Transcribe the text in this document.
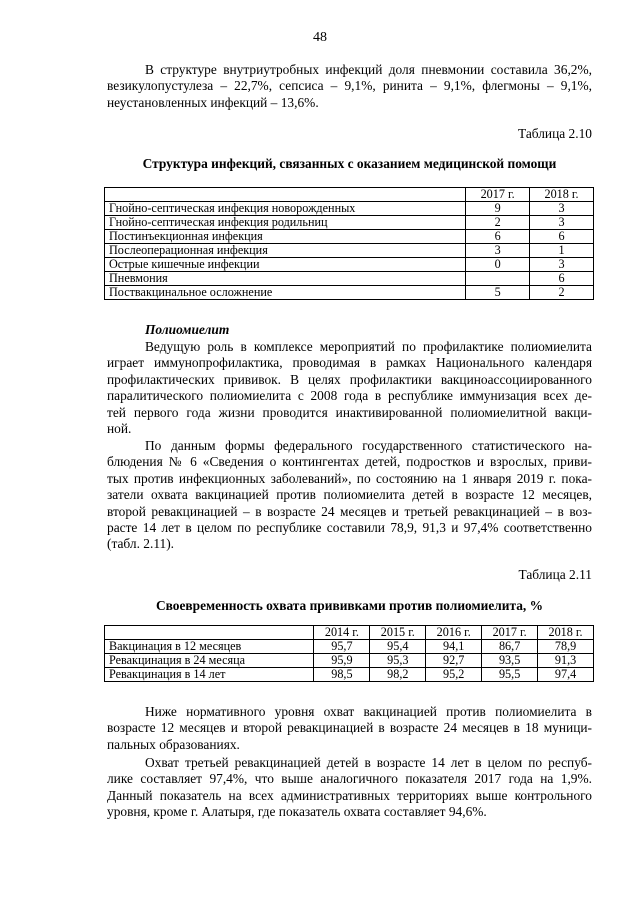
48
В структуре внутриутробных инфекций доля пневмонии составила 36,2%,
везикулопустулеза – 22,7%, сепсиса – 9,1%, ринита – 9,1%, флегмоны – 9,1%,
неустановленных инфекций – 13,6%.
Таблица 2.10
Структура инфекций, связанных с оказанием медицинской помощи
	2017 г.	2018 г.
Гнойно-септическая инфекция новорожденных	9	3
Гнойно-септическая инфекция родильниц	2	3
Постинъекционная инфекция	6	6
Послеоперационная инфекция	3	1
Острые кишечные инфекции	0	3
Пневмония		6
Поствакцинальное осложнение	5	2
Полиомиелит
Ведущую роль в комплексе мероприятий по профилактике полиомиелита
играет иммунопрофилактика, проводимая в рамках Национального календаря
профилактических прививок. В целях профилактики вакциноассоциированного
паралитического полиомиелита с 2008 года в республике иммунизация всех де-
тей первого года жизни проводится инактивированной полиомиелитной вакци-
ной.
По данным формы федерального государственного статистического на-
блюдения № 6 «Сведения о контингентах детей, подростков и взрослых, приви-
тых против инфекционных заболеваний», по состоянию на 1 января 2019 г. пока-
затели охвата вакцинацией против полиомиелита детей в возрасте 12 месяцев,
второй ревакцинацией – в возрасте 24 месяцев и третьей ревакцинацией – в воз-
расте 14 лет в целом по республике составили 78,9, 91,3 и 97,4% соответственно
(табл. 2.11).
Таблица 2.11
Своевременность охвата прививками против полиомиелита, %
	2014 г.	2015 г.	2016 г.	2017 г.	2018 г.
Вакцинация в 12 месяцев	95,7	95,4	94,1	86,7	78,9
Ревакцинация в 24 месяца	95,9	95,3	92,7	93,5	91,3
Ревакцинация в 14 лет	98,5	98,2	95,2	95,5	97,4
Ниже нормативного уровня охват вакцинацией против полиомиелита в
возрасте 12 месяцев и второй ревакцинацией в возрасте 24 месяцев в 18 муници-
пальных образованиях.
Охват третьей ревакцинацией детей в возрасте 14 лет в целом по респуб-
лике составляет 97,4%, что выше аналогичного показателя 2017 года на 1,9%.
Данный показатель на всех административных территориях выше контрольного
уровня, кроме г. Алатыря, где показатель охвата составляет 94,6%.
